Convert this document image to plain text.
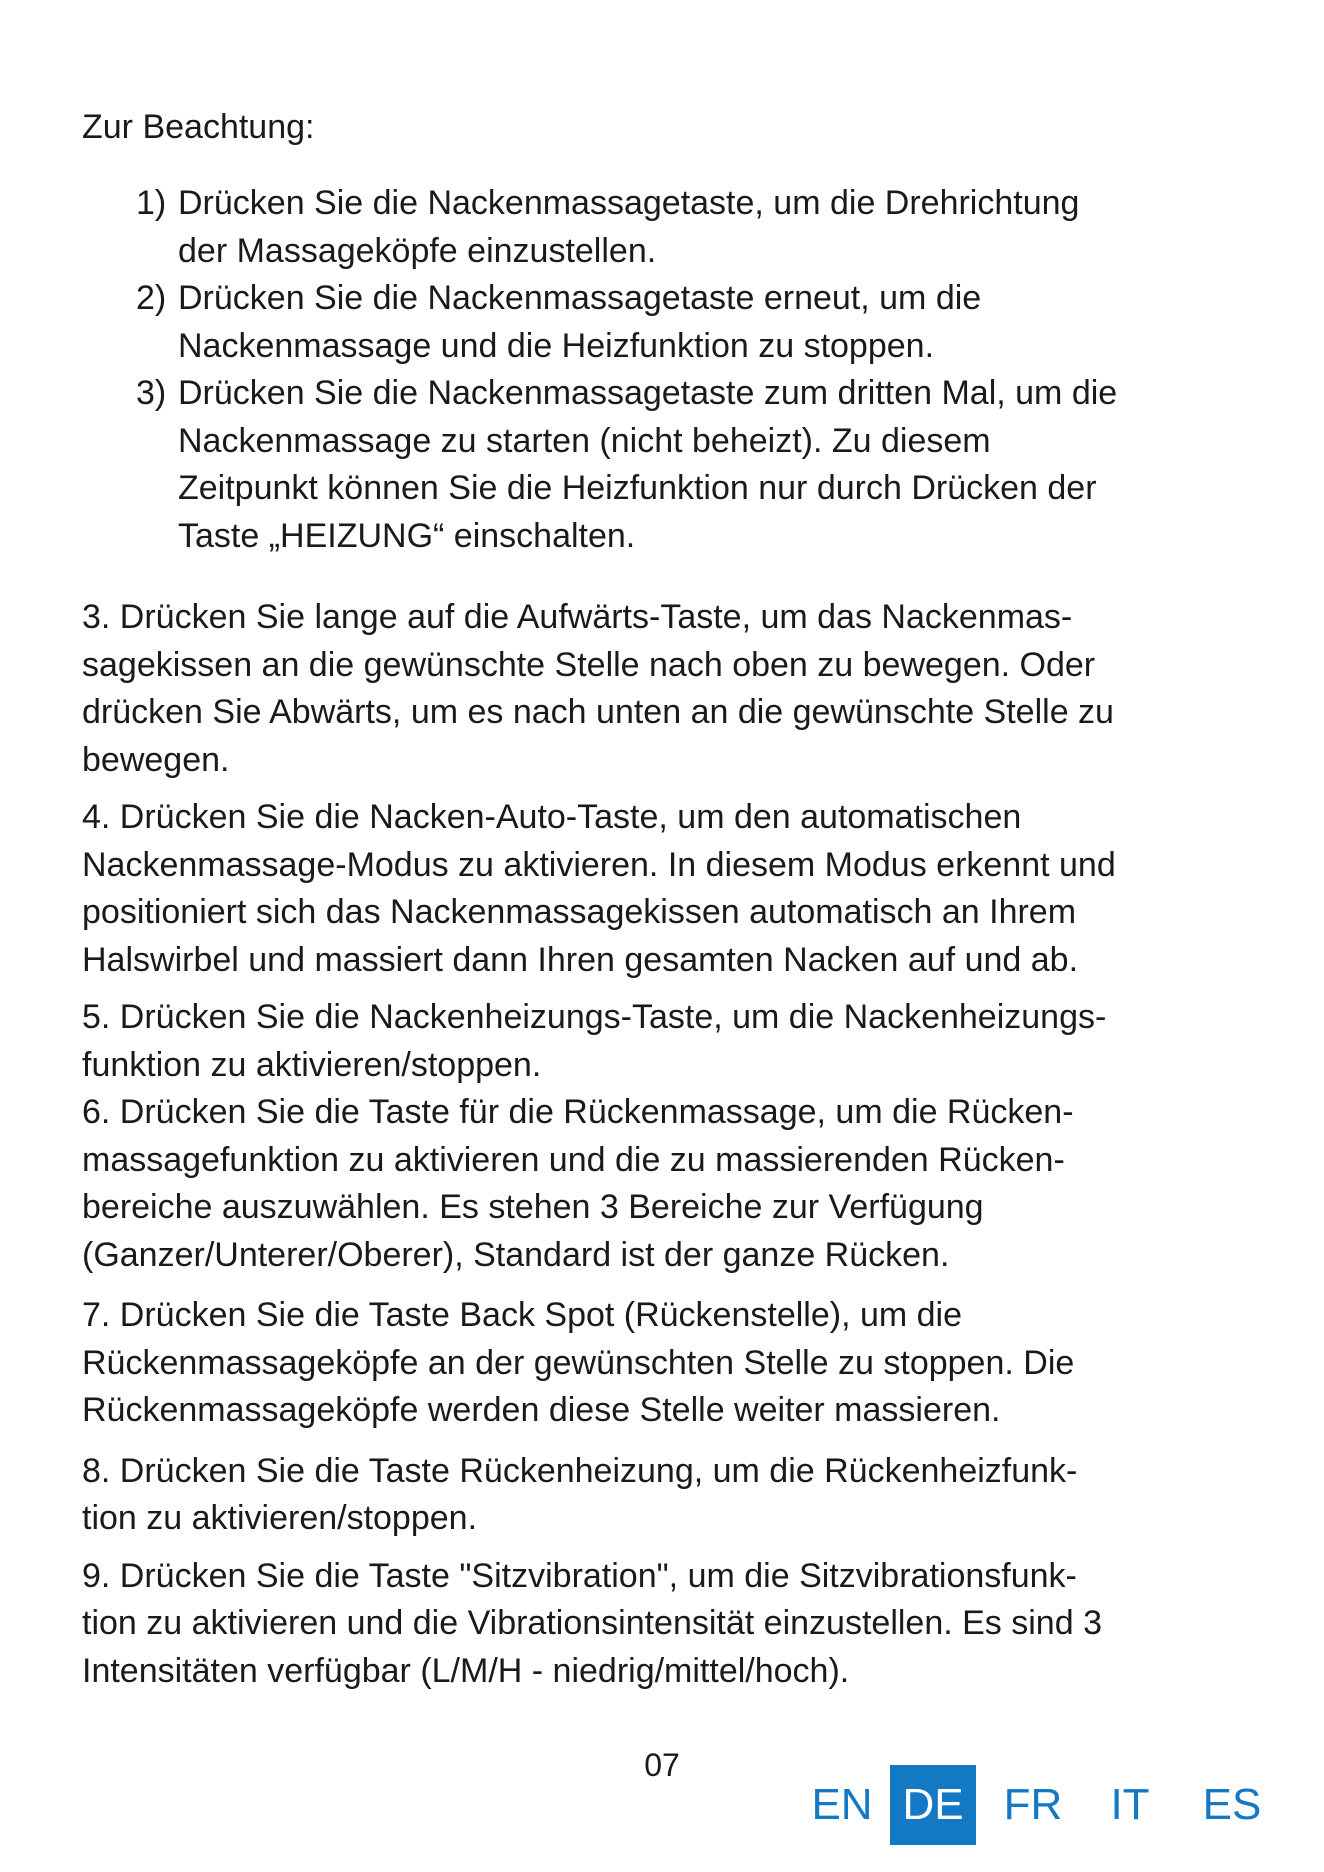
Zur Beachtung:
1) Drücken Sie die Nackenmassagetaste, um die Drehrichtung
der Massageköpfe einzustellen.
2) Drücken Sie die Nackenmassagetaste erneut, um die
Nackenmassage und die Heizfunktion zu stoppen.
3) Drücken Sie die Nackenmassagetaste zum dritten Mal, um die
Nackenmassage zu starten (nicht beheizt). Zu diesem
Zeitpunkt können Sie die Heizfunktion nur durch Drücken der
Taste „HEIZUNG“ einschalten.

3. Drücken Sie lange auf die Aufwärts-Taste, um das Nackenmas-
sagekissen an die gewünschte Stelle nach oben zu bewegen. Oder
drücken Sie Abwärts, um es nach unten an die gewünschte Stelle zu
bewegen.

4. Drücken Sie die Nacken-Auto-Taste, um den automatischen
Nackenmassage-Modus zu aktivieren. In diesem Modus erkennt und
positioniert sich das Nackenmassagekissen automatisch an Ihrem
Halswirbel und massiert dann Ihren gesamten Nacken auf und ab.

5. Drücken Sie die Nackenheizungs-Taste, um die Nackenheizungs-
funktion zu aktivieren/stoppen.

6. Drücken Sie die Taste für die Rückenmassage, um die Rücken-
massagefunktion zu aktivieren und die zu massierenden Rücken-
bereiche auszuwählen. Es stehen 3 Bereiche zur Verfügung
(Ganzer/Unterer/Oberer), Standard ist der ganze Rücken.

7. Drücken Sie die Taste Back Spot (Rückenstelle), um die
Rückenmassageköpfe an der gewünschten Stelle zu stoppen. Die
Rückenmassageköpfe werden diese Stelle weiter massieren.

8. Drücken Sie die Taste Rückenheizung, um die Rückenheizfunk-
tion zu aktivieren/stoppen.

9. Drücken Sie die Taste "Sitzvibration", um die Sitzvibrationsfunk-
tion zu aktivieren und die Vibrationsintensität einzustellen. Es sind 3
Intensitäten verfügbar (L/M/H - niedrig/mittel/hoch).

07
EN DE FR	IT	ES
